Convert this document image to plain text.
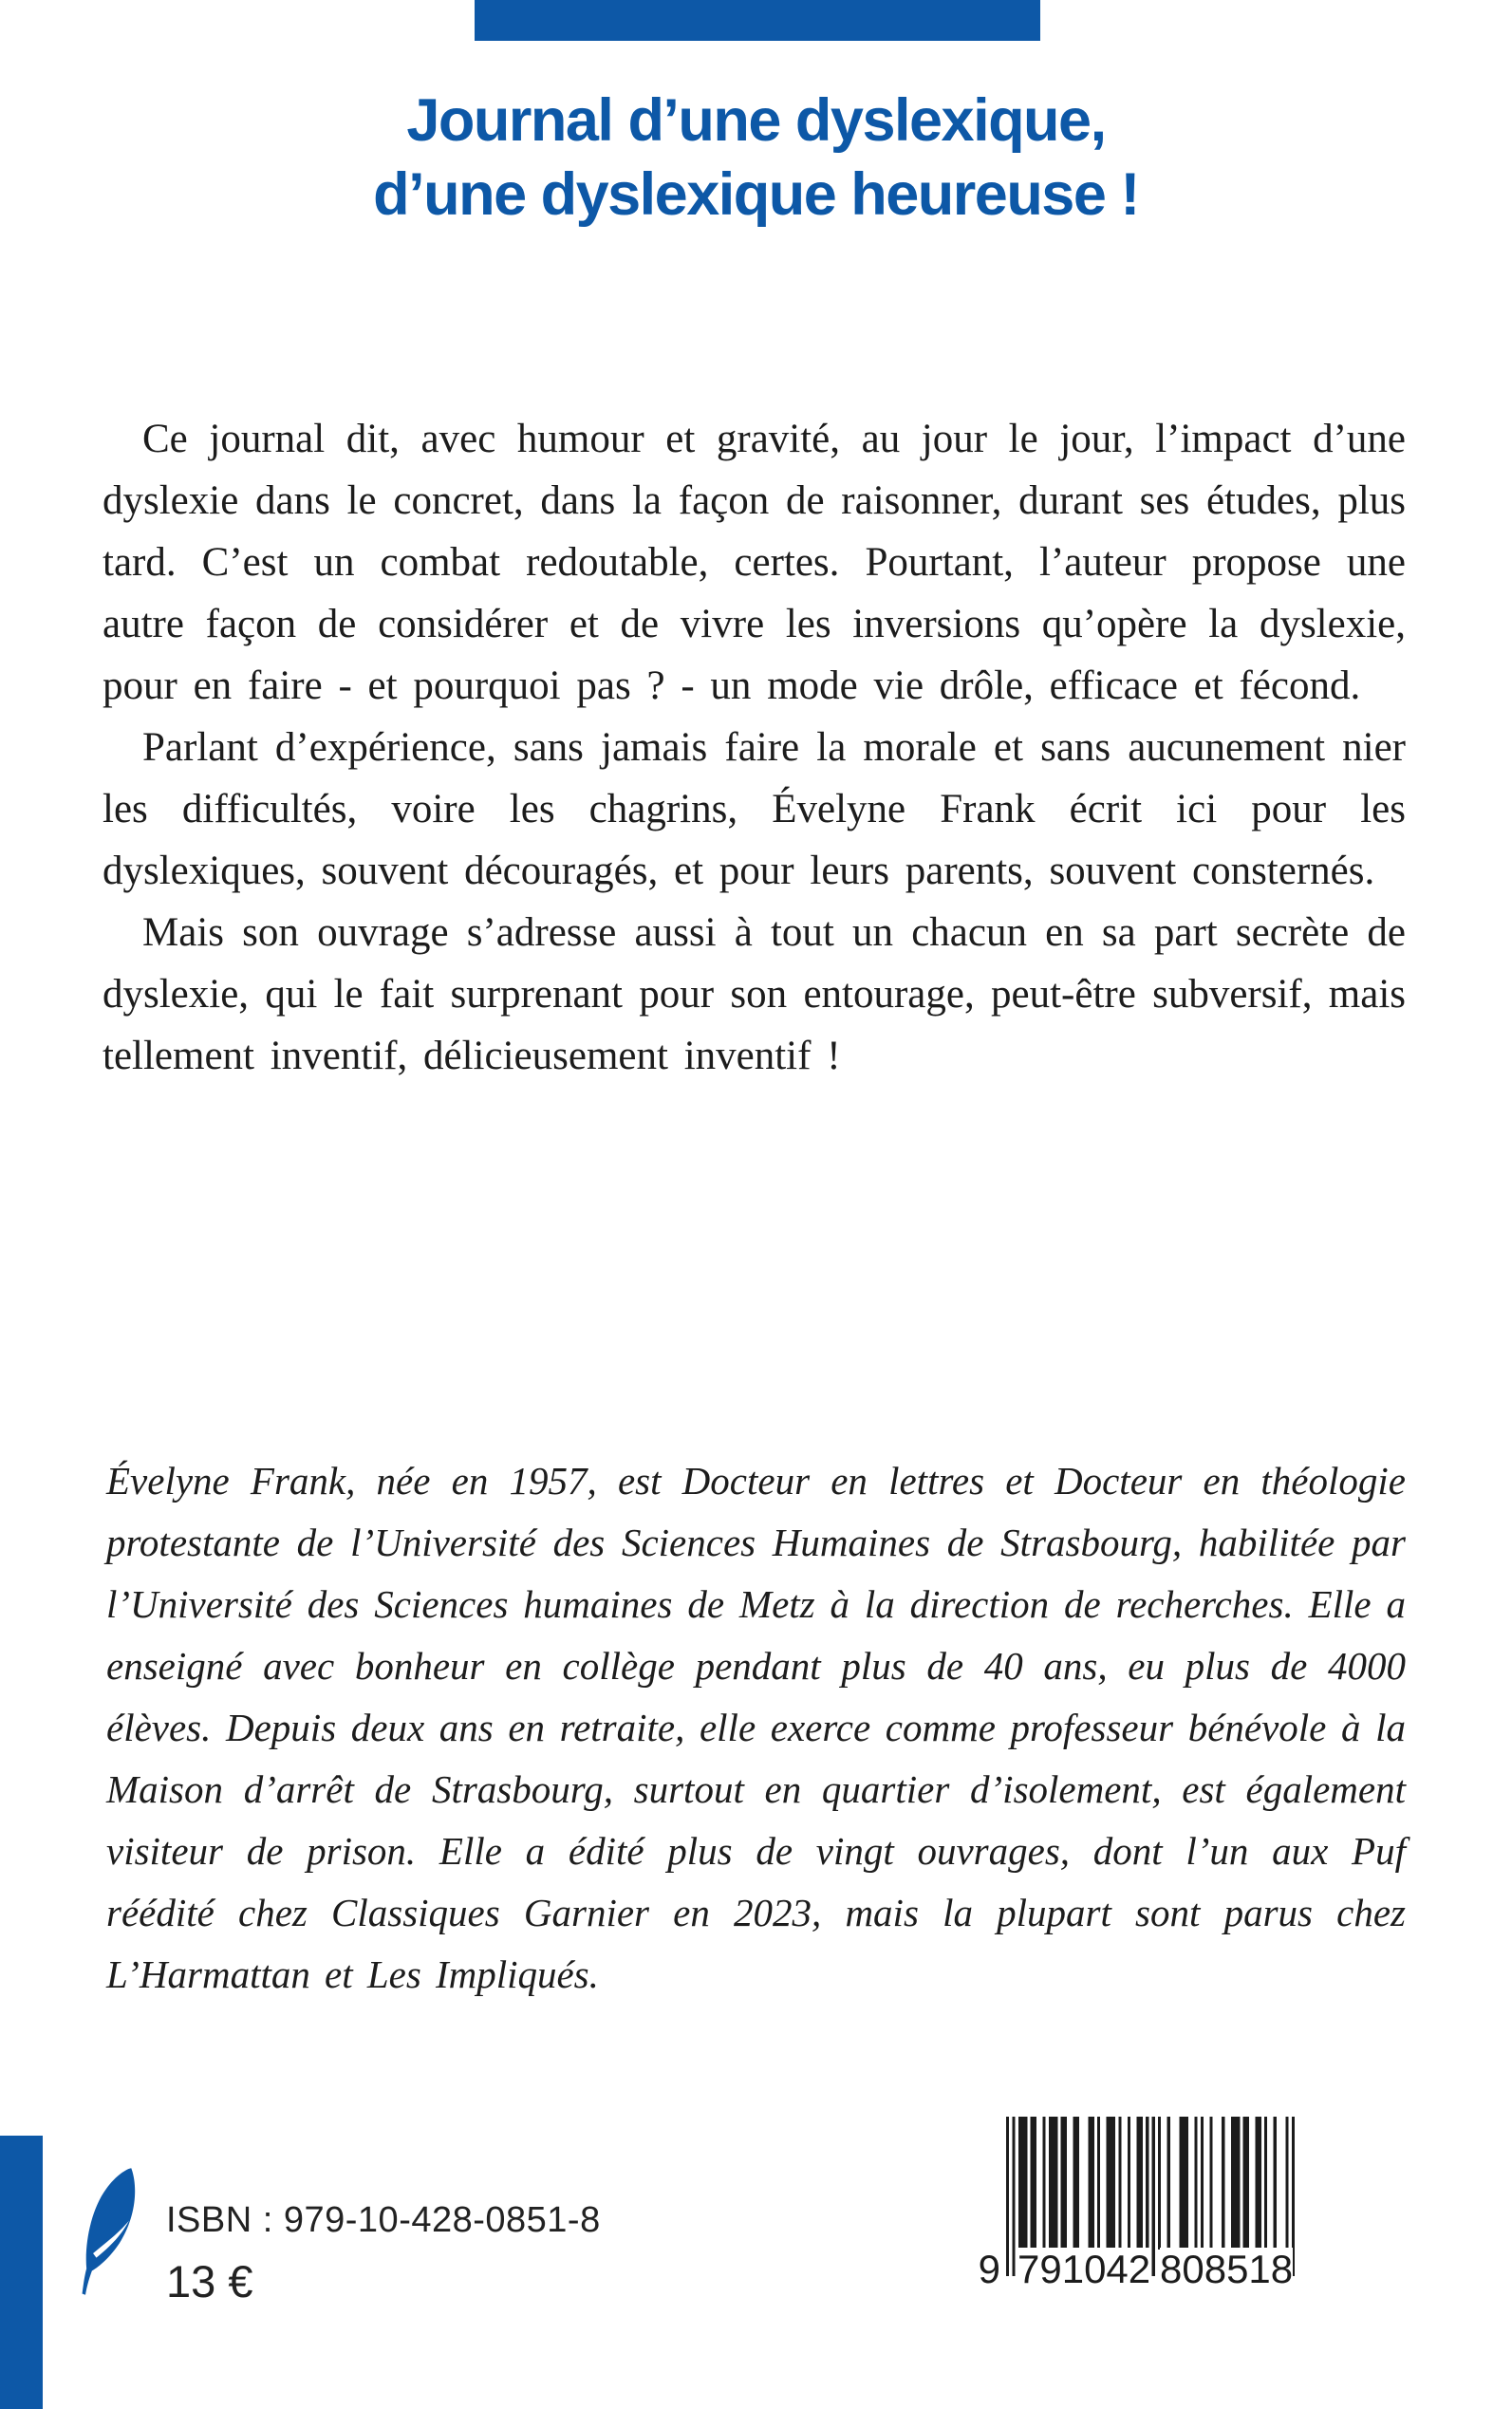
Journal d’une dyslexique,
d’une dyslexique heureuse !

Ce journal dit, avec humour et gravité, au jour le jour, l’impact d’une dyslexie dans le concret, dans la façon de raisonner, durant ses études, plus tard. C’est un combat redoutable, certes. Pourtant, l’auteur propose une autre façon de considérer et de vivre les inversions qu’opère la dyslexie, pour en faire - et pourquoi pas ? - un mode vie drôle, efficace et fécond.

Parlant d’expérience, sans jamais faire la morale et sans aucunement nier les difficultés, voire les chagrins, Évelyne Frank écrit ici pour les dyslexiques, souvent découragés, et pour leurs parents, souvent consternés.

Mais son ouvrage s’adresse aussi à tout un chacun en sa part secrète de dyslexie, qui le fait surprenant pour son entourage, peut-être subversif, mais tellement inventif, délicieusement inventif !

Évelyne Frank, née en 1957, est Docteur en lettres et Docteur en théologie protestante de l’Université des Sciences Humaines de Strasbourg, habilitée par l’Université des Sciences humaines de Metz à la direction de recherches. Elle a enseigné avec bonheur en collège pendant plus de 40 ans, eu plus de 4000 élèves. Depuis deux ans en retraite, elle exerce comme professeur bénévole à la Maison d’arrêt de Strasbourg, surtout en quartier d’isolement, est également visiteur de prison. Elle a édité plus de vingt ouvrages, dont l’un aux Puf réédité chez Classiques Garnier en 2023, mais la plupart sont parus chez L’Harmattan et Les Impliqués.
ISBN : 979-10-428-0851-8
13 €	9 791042 808518
